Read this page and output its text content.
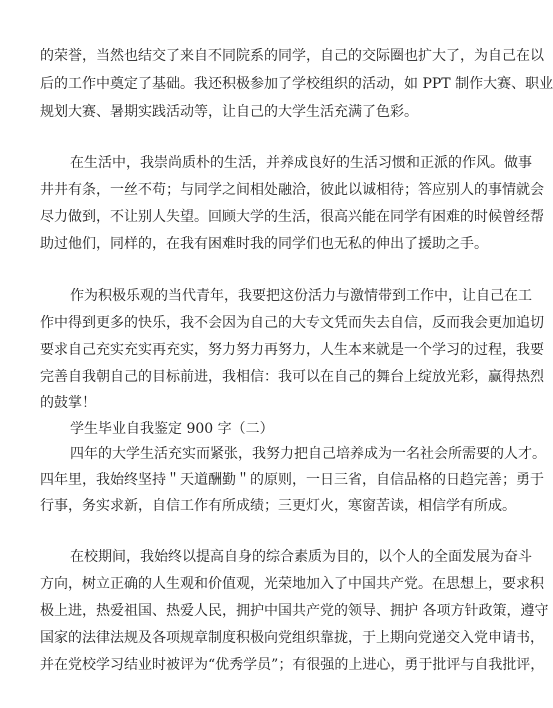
的荣誉，当然也结交了来自不同院系的同学，自己的交际圈也扩大了，为自己在以
后的工作中奠定了基础。我还积极参加了学校组织的活动，如 PPT 制作大赛、职业
规划大赛、暑期实践活动等，让自己的大学生活充满了色彩。
在生活中，我崇尚质朴的生活，并养成良好的生活习惯和正派的作风。做事
井井有条，一丝不苟；与同学之间相处融洽，彼此以诚相待；答应别人的事情就会
尽力做到，不让别人失望。回顾大学的生活，很高兴能在同学有困难的时候曾经帮
助过他们，同样的，在我有困难时我的同学们也无私的伸出了援助之手。
作为积极乐观的当代青年，我要把这份活力与激情带到工作中，让自己在工
作中得到更多的快乐，我不会因为自己的大专文凭而失去自信，反而我会更加追切
要求自己充实充实再充实，努力努力再努力，人生本来就是一个学习的过程，我要
完善自我朝自己的目标前进，我相信：我可以在自己的舞台上绽放光彩，赢得热烈
的鼓掌！
学生毕业自我鉴定 900 字（二）
四年的大学生活充实而紧张，我努力把自己培养成为一名社会所需要的人才。
四年里，我始终坚持＂天道酬勤＂的原则，一日三省，自信品格的日趋完善；勇于
行事，务实求新，自信工作有所成绩；三更灯火，寒窗苦读，相信学有所成。
在校期间，我始终以提高自身的综合素质为目的，以个人的全面发展为奋斗
方向，树立正确的人生观和价值观，光荣地加入了中国共产党。在思想上，要求积
极上进，热爱祖国、热爱人民，拥护中国共产党的领导、拥护 各项方针政策，遵守
国家的法律法规及各项规章制度积极向党组织靠拢，于上期向党递交入党申请书，
并在党校学习结业时被评为“优秀学员”；有很强的上进心，勇于批评与自我批评，
